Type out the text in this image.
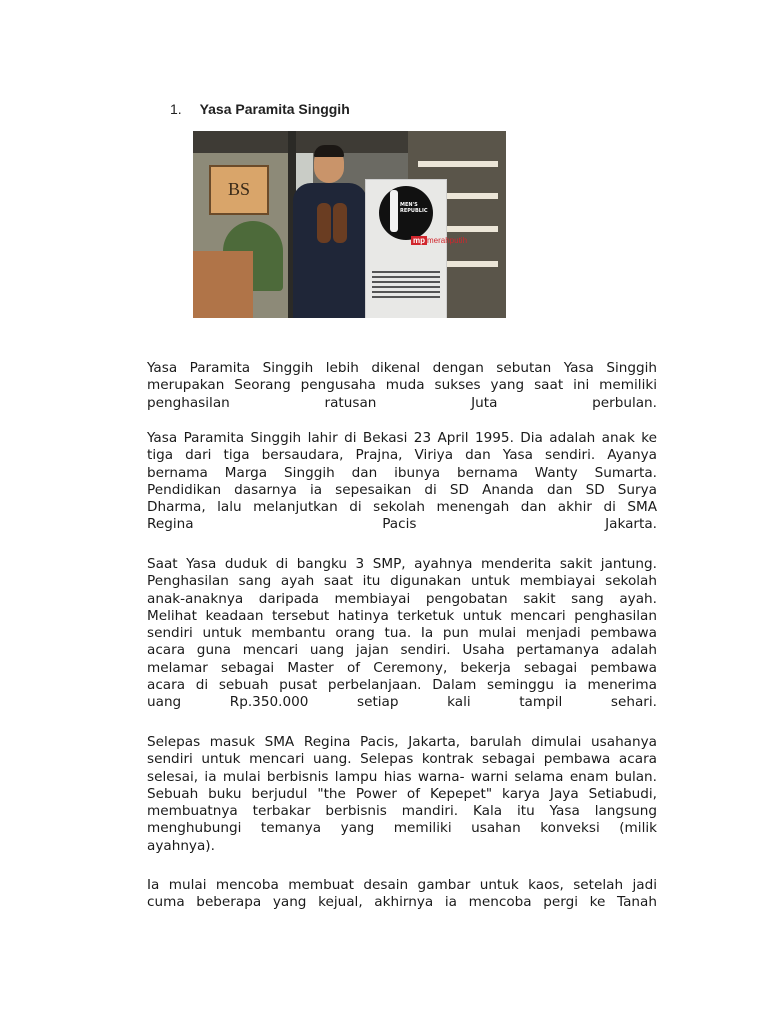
1. Yasa Paramita Singgih
BS
MEN'S REPUBLIC
mp merahputih
Yasa Paramita Singgih lebih dikenal dengan sebutan Yasa Singgih
merupakan Seorang pengusaha muda sukses yang saat ini memiliki
penghasilan ratusan Juta perbulan.
Yasa Paramita Singgih lahir di Bekasi 23 April 1995. Dia adalah anak ke
tiga dari tiga bersaudara, Prajna, Viriya dan Yasa sendiri. Ayanya
bernama Marga Singgih dan ibunya bernama Wanty Sumarta.
Pendidikan dasarnya ia sepesaikan di SD Ananda dan SD Surya
Dharma, lalu melanjutkan di sekolah menengah dan akhir di SMA
Regina Pacis Jakarta.
Saat Yasa duduk di bangku 3 SMP, ayahnya menderita sakit jantung.
Penghasilan sang ayah saat itu digunakan untuk membiayai sekolah
anak-anaknya daripada membiayai pengobatan sakit sang ayah.
Melihat keadaan tersebut hatinya terketuk untuk mencari penghasilan
sendiri untuk membantu orang tua. Ia pun mulai menjadi pembawa
acara guna mencari uang jajan sendiri. Usaha pertamanya adalah
melamar sebagai Master of Ceremony, bekerja sebagai pembawa
acara di sebuah pusat perbelanjaan. Dalam seminggu ia menerima
uang Rp.350.000 setiap kali tampil sehari.
Selepas masuk SMA Regina Pacis, Jakarta, barulah dimulai usahanya
sendiri untuk mencari uang. Selepas kontrak sebagai pembawa acara
selesai, ia mulai berbisnis lampu hias warna- warni selama enam bulan.
Sebuah buku berjudul "the Power of Kepepet" karya Jaya Setiabudi,
membuatnya terbakar berbisnis mandiri. Kala itu Yasa langsung
menghubungi temanya yang memiliki usahan konveksi (milik
ayahnya).
Ia mulai mencoba membuat desain gambar untuk kaos, setelah jadi
cuma beberapa yang kejual, akhirnya ia mencoba pergi ke Tanah
